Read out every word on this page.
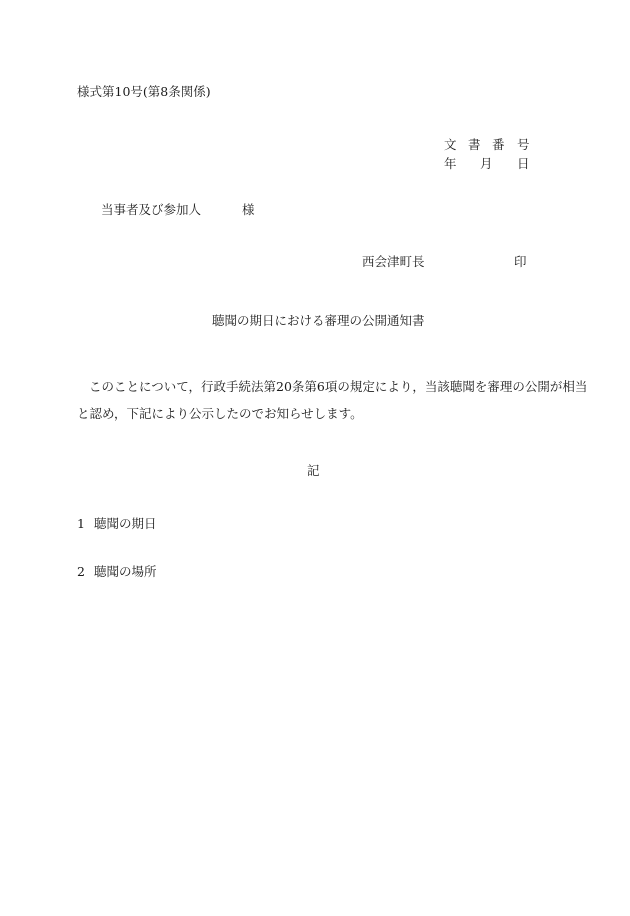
様式第10号(第8条関係)
文 書 番 号
年	月	日
当事者及び参加人	様
西会津町長	印
聴聞の期日における審理の公開通知書
このことについて，行政手続法第20条第6項の規定により，当該聴聞を審理の公開が相当
と認め，下記により公示したのでお知らせします。
記
1 聴聞の期日
2 聴聞の場所
